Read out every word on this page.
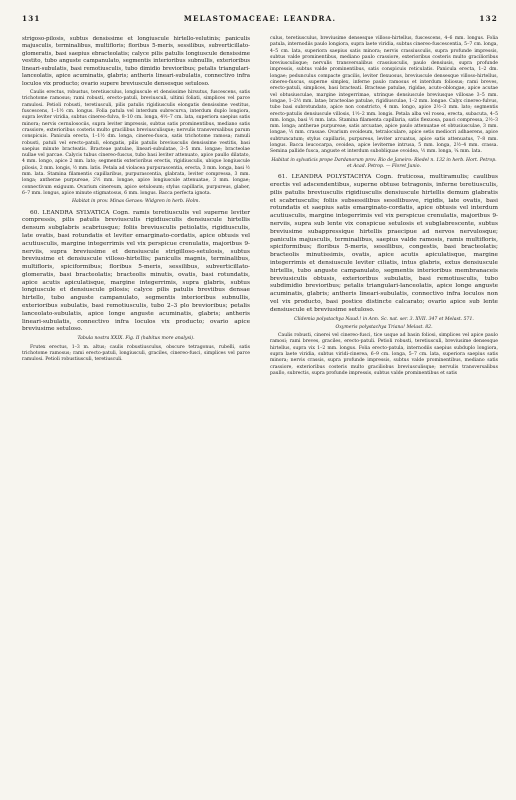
131	MELASTOMACEAE: LEANDRA.	132

strigoso-pilosis, subtus densissime et longiuscule hirtello-velutinis; paniculis majusculis, terminalibus, multifloris; floribus 5-meris, sessilibus, subverticillato-glomeratis, basi saepius ebracteolatis; calyce pilis patulis longiuscule densissime vestito, tubo anguste campanulato, segmentis interioribus subnullis, exterioribus lineari-subulatis, basi remotiusculis, tubo dimidio brevioribus; petalis triangulari-lanceolatis, apice acuminatis, glabris; antheris lineari-subulatis, connectivo infra loculos vix producto; ovario supere breviuscule densesque setuloso.

Caulis erectus, robustus, teretiusculus, longiuscule et densissime hirsutus, fuscescens, satis trichotome ramosus; rami robusti, erecto-patuli, breviusculi, ultimi foliati, simplices vel parce ramulosi. Petioli robusti, teretiusculi, pilis patulis rigidiusculis elongatis densissime vestitus, fuscescens, 1–1½ cm. longus. Folia patula vel interdum subrecurva, interdum duplo longiora, supra leviter viridia, subtus cinereo-fulva, 8–10 cm. longa, 4½–7 cm. lata, superiora saepius satis minora; nervis cernulosociis, supra leviter impressis, subtus satis prominentibus, mediano satis crassiore, exterioribus costeris multo gracilibus breviusculisque; nervulis transversalibus parum conspicuis. Panicula erecta, 1–1½ dm. longa, cinereo-fusca, satis trichotome ramosa; ramuli robusti, patuli vel erecto-patuli, elongatis, pilis patulis breviusculis densissime vestitis, basi saepius minute bracteatis. Bracteae patulae, lineari-subulatae, 3–5 mm. longae; bracteolae nullae vel parcae. Calycis tubus cinereo-fuscus, tubo basi leviter attenuato, apice paullo dilatato, 4 mm. longo, apice 2 mm. lato; segmentis exterioribus erectis, rigidiusculis, ubique longiuscule pilosis, 2 mm. longis, ½ mm. latis. Petala ad violacea purpurascentia, erecta, 3 mm. longa, basi ½ mm. lata. Stamina filamentis capillaribus, purpurascentia, glabrata, leviter compressa, 3 mm. longa; antherae purpureae, 2½ mm. longae, apice longiuscule attenuatae, 3 mm. longae; connectivum exiguum. Ovarium cinereum, apice setulosum; stylus capillaris, purpureus, glaber, 6–7 mm. longus, apice minute stigmatosus, 6 mm. longus. Bacca perfecta ignota.

Habitat in prov. Minas Geraes: Widgren in herb. Holm.

60. LEANDRA SYLVATICA Cogn. ramis teretiusculis vel superne leviter compressis, pilis patulis breviusculis rigidiusculis densiuscule hirtellis densum subglabris scabriusque; foliis breviusculis petiolatis, rigidiusculis, late ovatis, basi rotundatis et leviter emarginato-cordatis, apice obtusis vel acutiusculis, margine integerrimis vel vix perspicue crenulatis, majoribus 9-nerviis, supra breviusime et densiuscule strigilloso-setulosis, subtus breviusime et densiuscule villoso-hirtellis; paniculis magnis, terminalibus, multifloris, spiciformibus; floribus 5-meris, sessilibus, subverticillato-glomeratis, basi bracteolatis; bracteolis minutis, ovatis, basi rotundatis, apice acutis apiculatisque, margine integerrimis, supra glabris, subtus longiuscule et densiuscule pilosis; calyce pilis patulis breviibus densae hirtello, tubo anguste campanulato, segmentis interioribus subnullis, exterioribus subulatis, basi remotiusculis, tubo 2–3 plo brevioribus; petalis lanceolato-subulatis, apice longe anguste acuminatis, glabris; antheris lineari-subulatis, connectivo infra loculos vix producto; ovario apice breviusime setuloso.

Tabula nostra XXIX. Fig. II (habitus more analysi).

Frutex erectus, 1–3 m. altus; caulis robustiusculus, obscure tetragonus, rubelli, satis trichotome ramosus; rami erecto-patuli, longiusculi, graciles, cinereo-fusci, simplices vel parce ramulosi. Petioli robustiusculi, teretiusculi.

culus, teretiusculus, breviusime densesque villoso-hirtellus, fuscescens, 4–6 mm. longus. Folia patula, internodiis paulo longiora, supra laete viridia, subtus cinereo-fuscescentia, 5–7 cm. longa, 4–5 cm. lata, superiora saepius satis minora; nervis crassiusculis, supra profunde impressis, subtus valde prominentibus, mediano paulo crassiore, exterioribus costeris multo gracilioribus breviusculisque; nervulis transversalibus crassiusculis, paulo densiusis, supra profunde impressis, subtus valde prominentibus, satis conspicuis reticulatis. Panicula erecta, 1–2 dm. longae; pedunculus compacte gracilis, leviter flexuosus, breviuscule densesque villoso-hirtellus, cinereo-fuscus, superne simplex, inferne paulo ramosus et interdum foliosus; rami breves, erecto-patuli, simplices, basi bracteati. Bracteae patulae, rigidae, acuto-oblongae, apice acutae vel obtusiusculae, margine integerrimae, utrinque densiuscule breviusque villosae 3–5 mm. longae, 1–2½ mm. latae; bracteolae patulae, rigidiusculae, 1–2 mm. longae. Calyx cinereo-fulvus, tubo basi subrotundato, apice non constricto, 4 mm. longo, apice 2½–3 mm. lato; segmentis erecto-patulis densiuscule villosis, 1½–2 mm. longis. Petala alba vel rosea, erecta, subacuta, 4–5 mm. longa, basi ½ mm. lata. Stamina filamenta capillaria, satis flexuosa, pauci compressa, 2½–3 mm. longa; antherae purpureae, satis arcuatae, apice paulo attenuatae et obtusiusculae, 3 mm. longae, ½ mm. crassae. Ovarium ovoideum, tetraloculare, apice setis mediocri adhaerens, apice subtruncatum; stylus capillaris, purpureus, leviter arcuatus, apice satis attenuatus, 7–8 mm. longus. Bacca leucocarpa, ovoidea, apice leviterme intrusa, 5 mm. longa, 2½–4 mm. crassa. Semina pallide fusca, anguste et interdum subobliquae ovoidea, ½ mm. longa, ¼ mm. lata.

Habitat in sylvaticis prope Dardanorum prov. Rio de Janeiro: Riedel n. 132 in herb. Hort. Petrop. et Acad. Petrop. — Floret Junio.

61. LEANDRA POLYSTACHYA Cogn. fruticosa, multiramulis; caulibus erectis vel adscendentibus, superne obtuse tetragonis, inferne teretiusculis, pilis patulis breviusculis rigidiusculis densiuscule hirtellis demum glabratis et scabriusculis; foliis subsessilibus sessilibusve, rigidis, late ovatis, basi rotundatis et saepius satis emarginato-cordatis, apice obtusis vel interdum acutiusculis, margine integerrimis vel vix perspicue crenulatis, majoribus 9-nerviis, supra sub lente vix conspicue setulosis et subglabrescente, subtus breviusime subappressique hirtellis praecipue ad nervos nervulosque; paniculis majusculis, terminalibus, saepius valde ramosis, ramis multifloris, spiciformibus; floribus 5-meris, sessilibus, congestis, basi bracteolatis; bracteolis minutissimis, ovatis, apice acutis apiculatisque, margine integerrimis et densiuscule leviter ciliatis, intus glabris, extus densiuscule hirtellis, tubo anguste campanulato, segmentis interioribus membranaceis breviusiculis obtusis, exterioribus subulatis, basi remotiusculis, tubo subdimidio brevioribus; petalis triangulari-lanceolatis, apice longe anguste acuminatis, glabris; antheris lineari-subulatis, connectivo infra loculos non vel vix producto, basi postice distincte calcarato; ovario apice sub lente densiuscule et breviusime setuloso.

Clidemia polystachya Naud.! in Ann. Sc. nat. ser. 3. XVII. 347 et Melast. 571.

Oxymeris polystachya Triana! Melast. 82.

Caulis robusti, cinerei vel cinereo-fusci, tice usque ad basin foliosi, simplices vel apice paulo ramosi; rami breves, graciles, erecto-patuli. Petioli robusti, teretiusculi, breviusime densesque hirtellus, supra vix 1–2 mm. longus. Folia erecto-patula, internodiis saepius subduplo longiora, supra laete viridia, subtus viridi-cinerea, 6–9 cm. longa, 5–7 cm. lata, superiora saepius satis minora; nervis crassis, supra profunde impressis, subtus valde prominentibus, mediano satis crassiore, exterioribus costeris multo graciliobus breviusculisque; nervulis transversalibus paullo, subrectis, supra profunde impressis, subtus valde prominentibus et satis
